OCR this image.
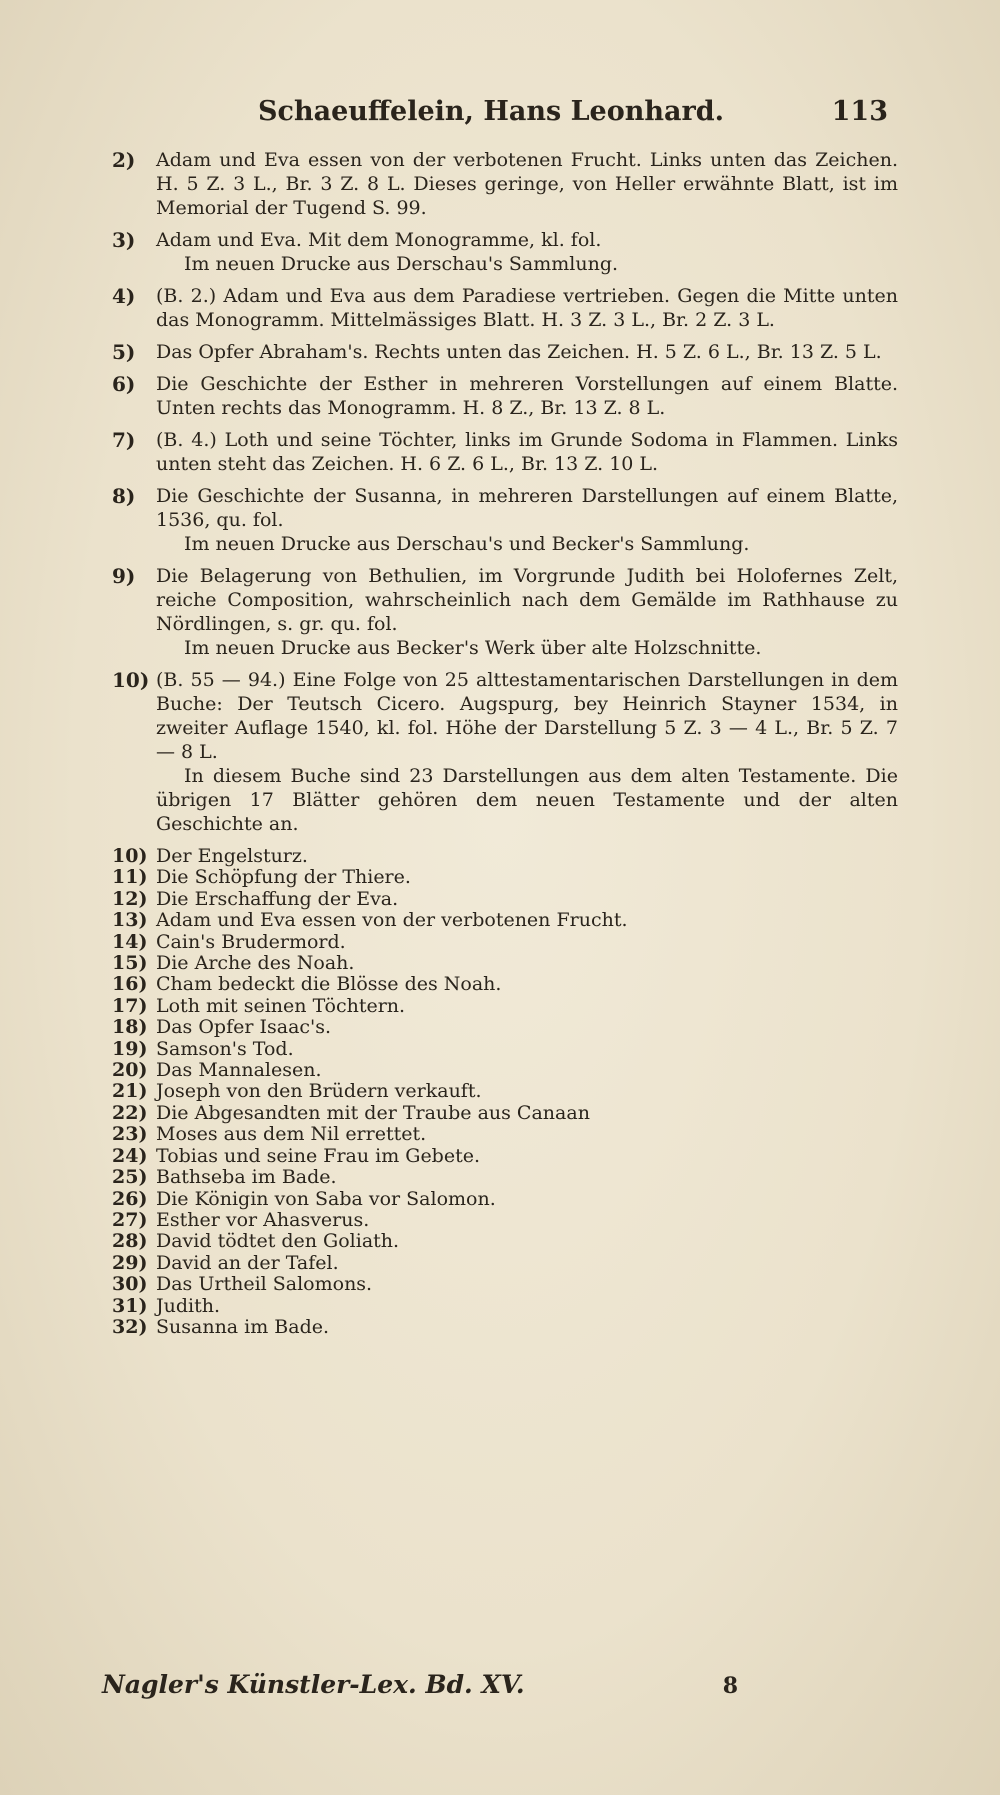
Schaeuffelein, Hans Leonhard.	113
2)	Adam und Eva essen von der verbotenen Frucht. Links unten das Zeichen. H. 5 Z. 3 L., Br. 3 Z. 8 L. Dieses geringe, von Heller erwähnte Blatt, ist im Memorial der Tugend S. 99.

3)	Adam und Eva. Mit dem Monogramme, kl. fol.

Im neuen Drucke aus Derschau's Sammlung.

4)	(B. 2.) Adam und Eva aus dem Paradiese vertrieben. Gegen die Mitte unten das Monogramm. Mittelmässiges Blatt. H. 3 Z. 3 L., Br. 2 Z. 3 L.

5)	Das Opfer Abraham's. Rechts unten das Zeichen. H. 5 Z. 6 L., Br. 13 Z. 5 L.

6)	Die Geschichte der Esther in mehreren Vorstellungen auf einem Blatte. Unten rechts das Monogramm. H. 8 Z., Br. 13 Z. 8 L.

7)	(B. 4.) Loth und seine Töchter, links im Grunde Sodoma in Flammen. Links unten steht das Zeichen. H. 6 Z. 6 L., Br. 13 Z. 10 L.

8)	Die Geschichte der Susanna, in mehreren Darstellungen auf einem Blatte, 1536, qu. fol.

Im neuen Drucke aus Derschau's und Becker's Sammlung.

9)	Die Belagerung von Bethulien, im Vorgrunde Judith bei Holofernes Zelt, reiche Composition, wahrscheinlich nach dem Gemälde im Rathhause zu Nördlingen, s. gr. qu. fol.

Im neuen Drucke aus Becker's Werk über alte Holzschnitte.

10) (B. 55 — 94.) Eine Folge von 25 alttestamentarischen Darstellungen in dem Buche: Der Teutsch Cicero. Augspurg, bey Heinrich Stayner 1534, in zweiter Auflage 1540, kl. fol. Höhe der Darstellung 5 Z. 3 — 4 L., Br. 5 Z. 7 — 8 L.

In diesem Buche sind 23 Darstellungen aus dem alten Testamente. Die übrigen 17 Blätter gehören dem neuen Testamente und der alten Geschichte an.

10) Der Engelsturz.
11) Die Schöpfung der Thiere.
12) Die Erschaffung der Eva.
13) Adam und Eva essen von der verbotenen Frucht.
14) Cain's Brudermord.
15) Die Arche des Noah.
16) Cham bedeckt die Blösse des Noah.
17) Loth mit seinen Töchtern.
18) Das Opfer Isaac's.
19) Samson's Tod.
20) Das Mannalesen.
21) Joseph von den Brüdern verkauft.
22) Die Abgesandten mit der Traube aus Canaan
23) Moses aus dem Nil errettet.
24) Tobias und seine Frau im Gebete.
25) Bathseba im Bade.
26) Die Königin von Saba vor Salomon.
27) Esther vor Ahasverus.
28) David tödtet den Goliath.
29) David an der Tafel.
30) Das Urtheil Salomons.
31) Judith.
32) Susanna im Bade.
Nagler's Künstler-Lex. Bd. XV.	8
